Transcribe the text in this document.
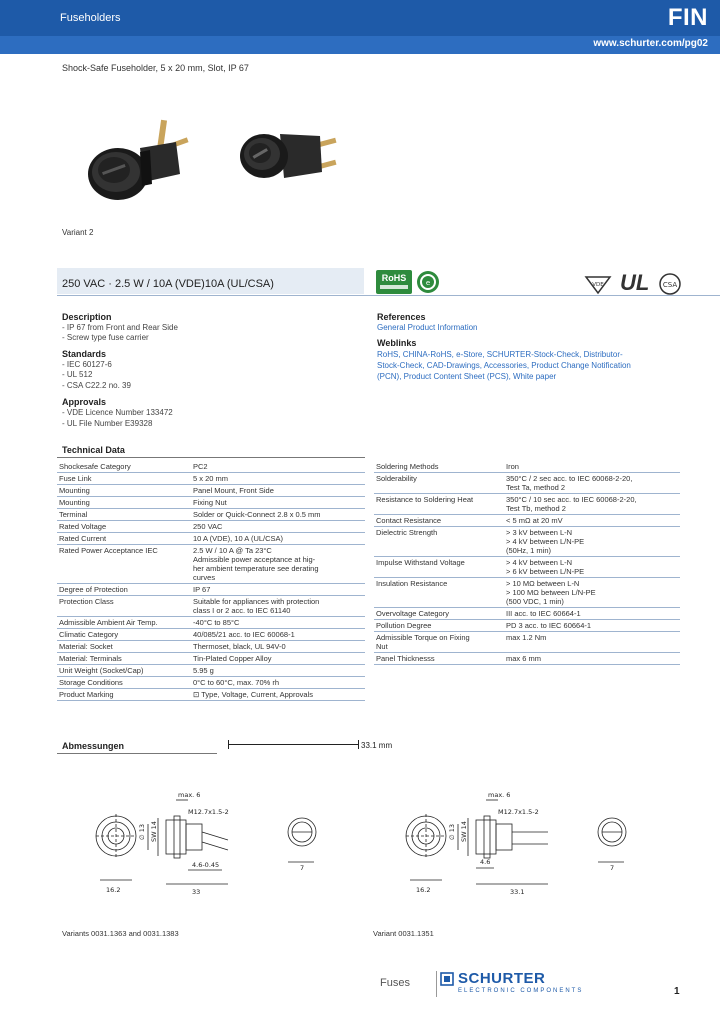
Fuseholders	FIN
www.schurter.com/pg02
Shock-Safe Fuseholder, 5 x 20 mm, Slot, IP 67
Variant 2
250 VAC · 2.5 W / 10A (VDE)10A (UL/CSA)	RoHS	e	VDE UL CSA
Description
- IP 67 from Front and Rear Side
- Screw type fuse carrier
Standards
- IEC 60127-6
- UL 512
- CSA C22.2 no. 39
Approvals
- VDE Licence Number 133472
- UL File Number E39328
References
General Product Information
Weblinks
RoHS, CHINA-RoHS, e-Store, SCHURTER-Stock-Check, Distributor-
Stock-Check, CAD-Drawings, Accessories, Product Change Notification
(PCN), Product Content Sheet (PCS), White paper
Technical Data
Shockesafe Category	PC2

Fuse Link	5 x 20 mm

Mounting	Panel Mount, Front Side

Mounting	Fixing Nut

Terminal	Solder or Quick-Connect 2.8 x 0.5 mm

Rated Voltage	250 VAC

Rated Current	10 A (VDE), 10 A (UL/CSA)

Rated Power Acceptance IEC	2.5 W / 10 A @ Ta 23°C
Admissible power acceptance at hig-
her ambient temperature see derating
curves

Degree of Protection	IP 67

Protection Class	Suitable for appliances with protection
class I or 2 acc. to IEC 61140

Admissible Ambient Air Temp.	-40°C to 85°C

Climatic Category	40/085/21 acc. to IEC 60068-1

Material: Socket	Thermoset, black, UL 94V-0

Material: Terminals	Tin-Plated Copper Alloy

Unit Weight (Socket/Cap)	5.95 g

Storage Conditions	0°C to 60°C, max. 70% rh

Product Marking	⊡ Type, Voltage, Current, Approvals
Soldering Methods	Iron

Solderability	350°C / 2 sec acc. to IEC 60068-2-20,
Test Ta, method 2

Resistance to Soldering Heat	350°C / 10 sec acc. to IEC 60068-2-20,
Test Tb, method 2

Contact Resistance	< 5 mΩ at 20 mV

Dielectric Strength	> 3 kV between L-N
> 4 kV between L/N-PE
(50Hz, 1 min)

Impulse Withstand Voltage	> 4 kV between L-N
> 6 kV between L/N-PE

Insulation Resistance	> 10 MΩ between L-N
> 100 MΩ between L/N-PE
(500 VDC, 1 min)

Overvoltage Category	III acc. to IEC 60664-1

Pollution Degree	PD 3 acc. to IEC 60664-1

Admissible Torque on Fixing
Nut	max 1.2 Nm

Panel Thicknesss	max 6 mm
Abmessungen	33.1 mm
max. 6
M12.7x1.5-2
16.2	33
4.6-0.45
∅ 13 SW 14
7
Variants 0031.1363 and 0031.1383
max. 6
M12.7x1.5-2
16.2	33.1
4.6
∅ 13 SW 14
7
Variant 0031.1351
Fuses	SCHURTER
ELECTRONIC COMPONENTS	1
